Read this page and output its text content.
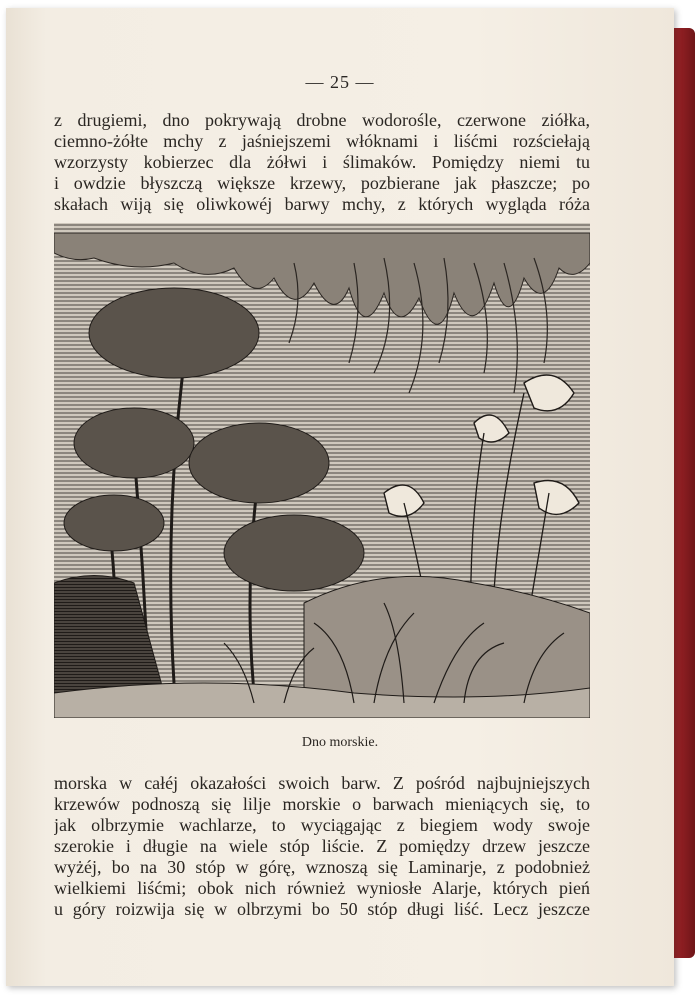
— 25 —
z drugiemi, dno pokrywają drobne wodorośle, czerwone ziółka,
ciemno-żółte mchy z jaśniejszemi włóknami i liśćmi rozściełają
wzorzysty kobierzec dla żółwi i ślimaków. Pomiędzy niemi tu
i owdzie błyszczą większe krzewy, pozbierane jak płaszcze; po
skałach wiją się oliwkowéj barwy mchy, z których wygląda róża
Dno morskie.
morska w całéj okazałości swoich barw. Z pośród najbujniejszych
krzewów podnoszą się lilje morskie o barwach mieniących się, to
jak olbrzymie wachlarze, to wyciągając z biegiem wody swoje
szerokie i długie na wiele stóp liście. Z pomiędzy drzew jeszcze
wyżéj, bo na 30 stóp w górę, wznoszą się Laminarje, z podobnież
wielkiemi liśćmi; obok nich również wyniosłe Alarje, których pień
u góry roizwija się w olbrzymi bo 50 stóp długi liść. Lecz jeszcze
